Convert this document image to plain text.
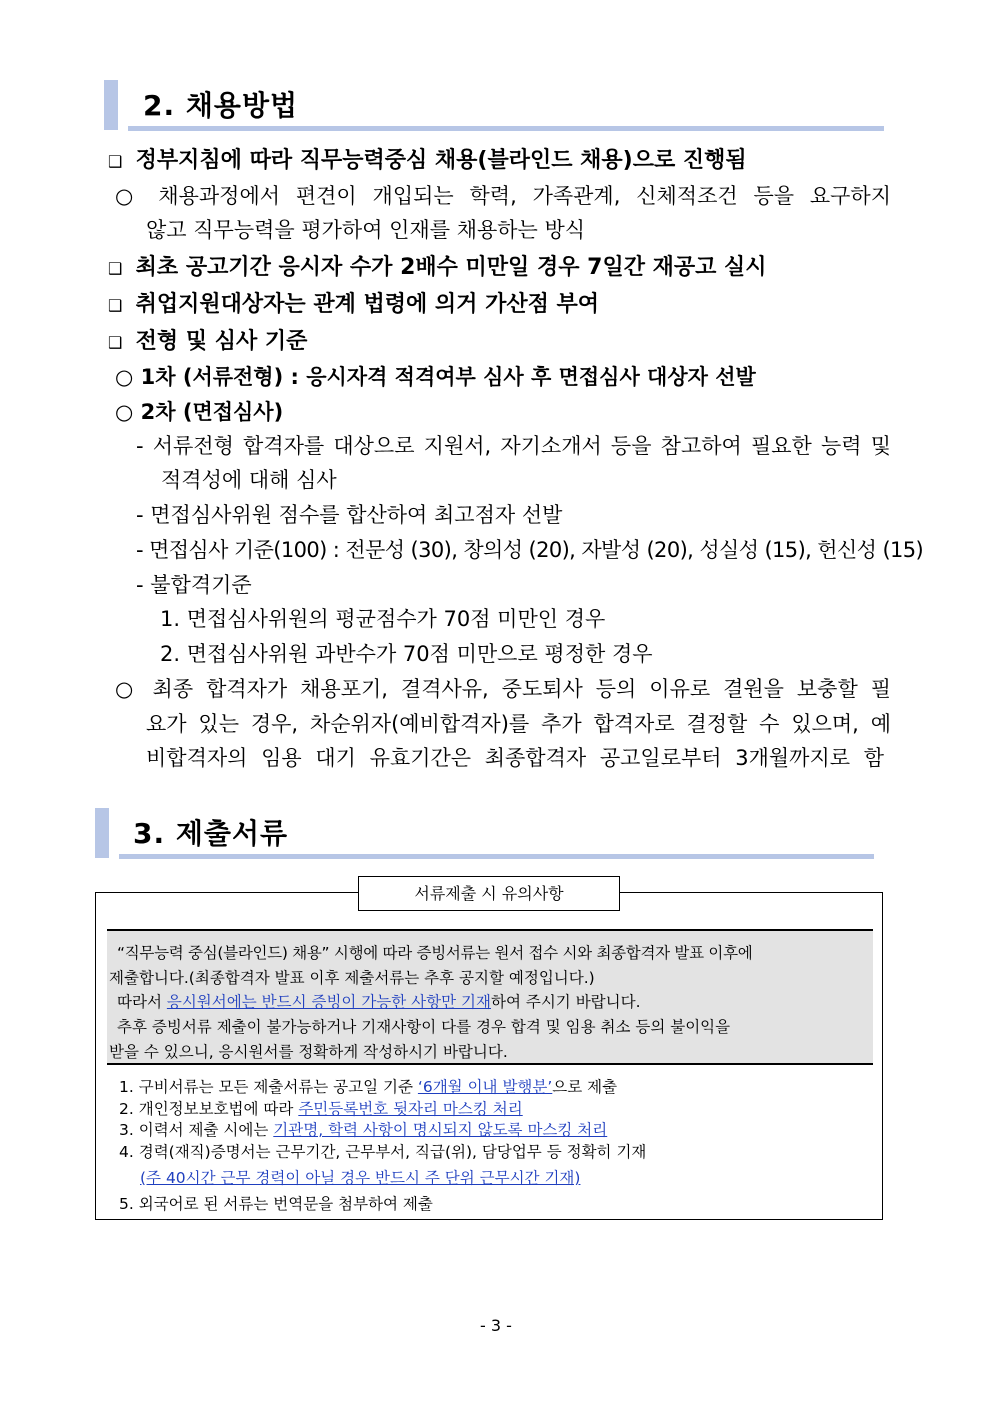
2. 채용방법
❑ 정부지침에 따라 직무능력중심 채용(블라인드 채용)으로 진행됨
○ 채용과정에서 편견이 개입되는 학력, 가족관계, 신체적조건 등을 요구하지
않고 직무능력을 평가하여 인재를 채용하는 방식
❑ 최초 공고기간 응시자 수가 2배수 미만일 경우 7일간 재공고 실시
❑ 취업지원대상자는 관계 법령에 의거 가산점 부여
❑ 전형 및 심사 기준
○ 1차 (서류전형) : 응시자격 적격여부 심사 후 면접심사 대상자 선발
○ 2차 (면접심사)
- 서류전형 합격자를 대상으로 지원서, 자기소개서 등을 참고하여 필요한 능력 및
적격성에 대해 심사
- 면접심사위원 점수를 합산하여 최고점자 선발
- 면접심사 기준(100) : 전문성 (30), 창의성 (20), 자발성 (20), 성실성 (15), 헌신성 (15)
- 불합격기준
1. 면접심사위원의 평균점수가 70점 미만인 경우
2. 면접심사위원 과반수가 70점 미만으로 평정한 경우
○ 최종 합격자가 채용포기, 결격사유, 중도퇴사 등의 이유로 결원을 보충할 필
요가 있는 경우, 차순위자(예비합격자)를 추가 합격자로 결정할 수 있으며, 예
비합격자의 임용 대기 유효기간은 최종합격자 공고일로부터 3개월까지로 함
3. 제출서류
서류제출 시 유의사항
“직무능력 중심(블라인드) 채용” 시행에 따라 증빙서류는 원서 접수 시와 최종합격자 발표 이후에
제출합니다.(최종합격자 발표 이후 제출서류는 추후 공지할 예정입니다.)
따라서 응시원서에는 반드시 증빙이 가능한 사항만 기재하여 주시기 바랍니다.
추후 증빙서류 제출이 불가능하거나 기재사항이 다를 경우 합격 및 임용 취소 등의 불이익을
받을 수 있으니, 응시원서를 정확하게 작성하시기 바랍니다.
1. 구비서류는 모든 제출서류는 공고일 기준 ‘6개월 이내 발행분’으로 제출
2. 개인정보보호법에 따라 주민등록번호 뒷자리 마스킹 처리
3. 이력서 제출 시에는 기관명, 학력 사항이 명시되지 않도록 마스킹 처리
4. 경력(재직)증명서는 근무기간, 근무부서, 직급(위), 담당업무 등 정확히 기재
(주 40시간 근무 경력이 아닐 경우 반드시 주 단위 근무시간 기재)
5. 외국어로 된 서류는 번역문을 첨부하여 제출
- 3 -
